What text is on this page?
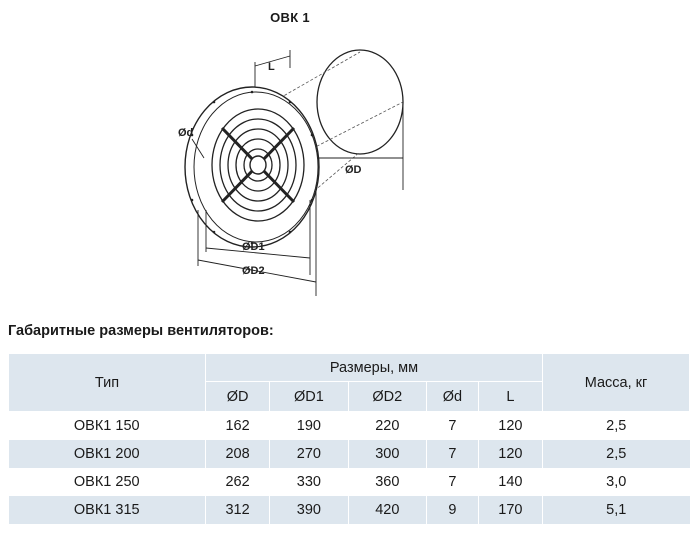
ОВК 1
L
Ød
ØD
ØD1
ØD2
Габаритные размеры вентиляторов:
Тип	Размеры, мм					Масса, кг
	ØD	ØD1	ØD2	Ød	L	
ОВК1 150	162	190	220	7	120	2,5
ОВК1 200	208	270	300	7	120	2,5
ОВК1 250	262	330	360	7	140	3,0
ОВК1 315	312	390	420	9	170	5,1
